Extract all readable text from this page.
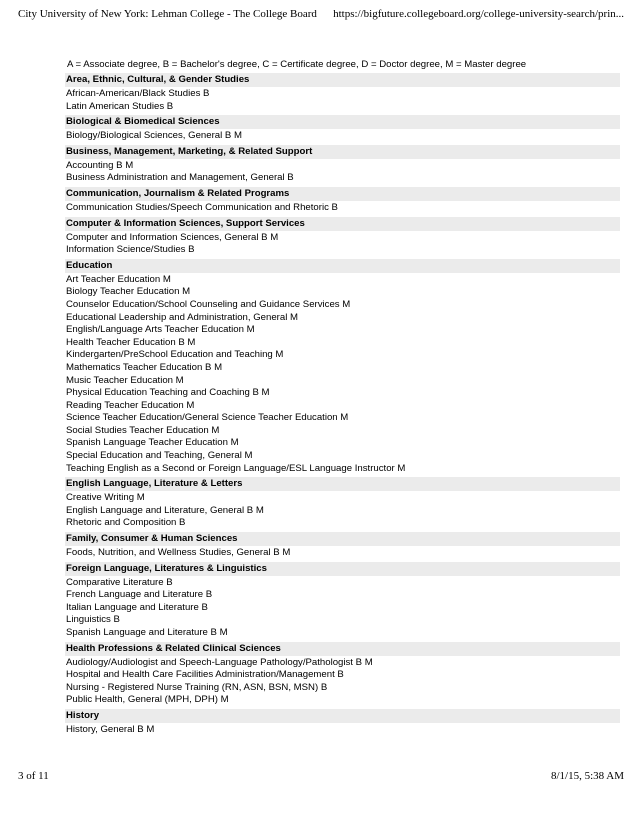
City University of New York: Lehman College - The College Board https://bigfuture.collegeboard.org/college-university-search/prin...
A = Associate degree, B = Bachelor's degree, C = Certificate degree, D = Doctor degree, M = Master degree
Area, Ethnic, Cultural, & Gender Studies
African-American/Black Studies B
Latin American Studies B
Biological & Biomedical Sciences
Biology/Biological Sciences, General B M
Business, Management, Marketing, & Related Support
Accounting B M
Business Administration and Management, General B
Communication, Journalism & Related Programs
Communication Studies/Speech Communication and Rhetoric B
Computer & Information Sciences, Support Services
Computer and Information Sciences, General B M
Information Science/Studies B
Education
Art Teacher Education M
Biology Teacher Education M
Counselor Education/School Counseling and Guidance Services M
Educational Leadership and Administration, General M
English/Language Arts Teacher Education M
Health Teacher Education B M
Kindergarten/PreSchool Education and Teaching M
Mathematics Teacher Education B M
Music Teacher Education M
Physical Education Teaching and Coaching B M
Reading Teacher Education M
Science Teacher Education/General Science Teacher Education M
Social Studies Teacher Education M
Spanish Language Teacher Education M
Special Education and Teaching, General M
Teaching English as a Second or Foreign Language/ESL Language Instructor M
English Language, Literature & Letters
Creative Writing M
English Language and Literature, General B M
Rhetoric and Composition B
Family, Consumer & Human Sciences
Foods, Nutrition, and Wellness Studies, General B M
Foreign Language, Literatures & Linguistics
Comparative Literature B
French Language and Literature B
Italian Language and Literature B
Linguistics B
Spanish Language and Literature B M
Health Professions & Related Clinical Sciences
Audiology/Audiologist and Speech-Language Pathology/Pathologist B M
Hospital and Health Care Facilities Administration/Management B
Nursing - Registered Nurse Training (RN, ASN, BSN, MSN) B
Public Health, General (MPH, DPH) M
History
History, General B M
3 of 11	8/1/15, 5:38 AM
